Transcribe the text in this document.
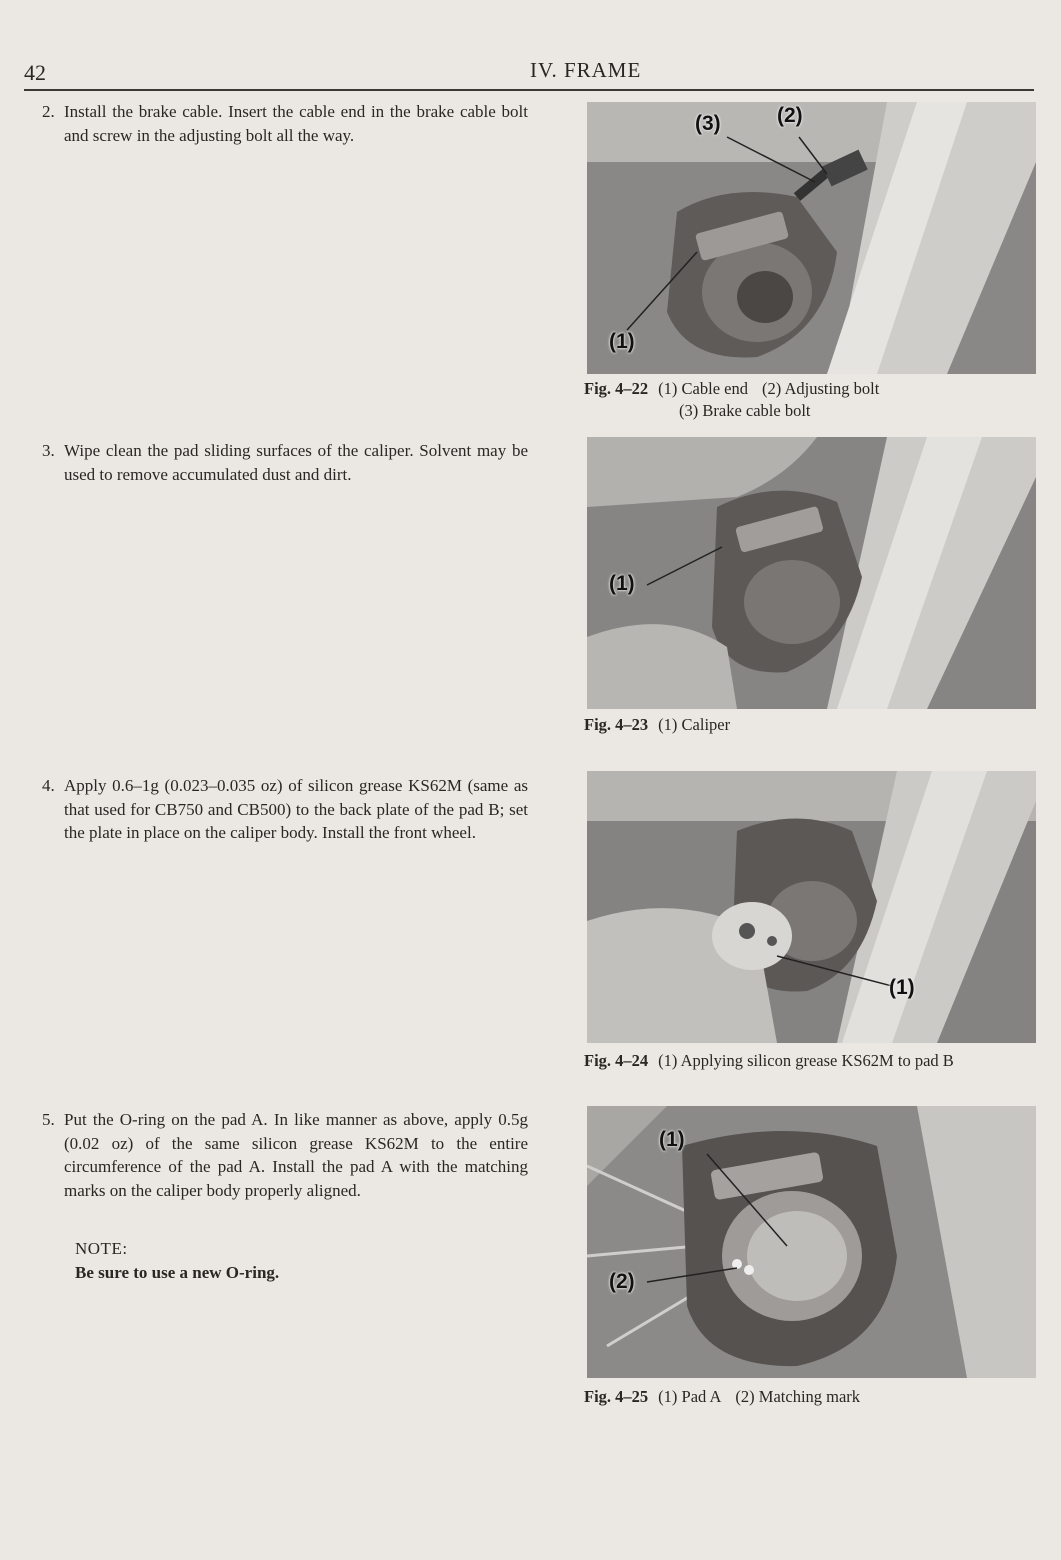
42	IV. FRAME
2. Install the brake cable. Insert the cable end in the brake cable bolt and screw in the adjusting bolt all the way.
3. Wipe clean the pad sliding surfaces of the caliper. Solvent may be used to remove accumulated dust and dirt.
4. Apply 0.6–1g (0.023–0.035 oz) of silicon grease KS62M (same as that used for CB750 and CB500) to the back plate of the pad B; set the plate in place on the caliper body. Install the front wheel.
5. Put the O-ring on the pad A. In like manner as above, apply 0.5g (0.02 oz) of the same silicon grease KS62M to the entire circumference of the pad A. Install the pad A with the matching marks on the caliper body properly aligned.
NOTE:
Be sure to use a new O-ring.
(3)	(2)
(1)
Fig. 4–22 (1) Cable end (2) Adjusting bolt
(3) Brake cable bolt
(1)
Fig. 4–23 (1) Caliper
(1)
Fig. 4–24 (1) Applying silicon grease KS62M to pad B
(1)
(2)
Fig. 4–25 (1) Pad A (2) Matching mark
